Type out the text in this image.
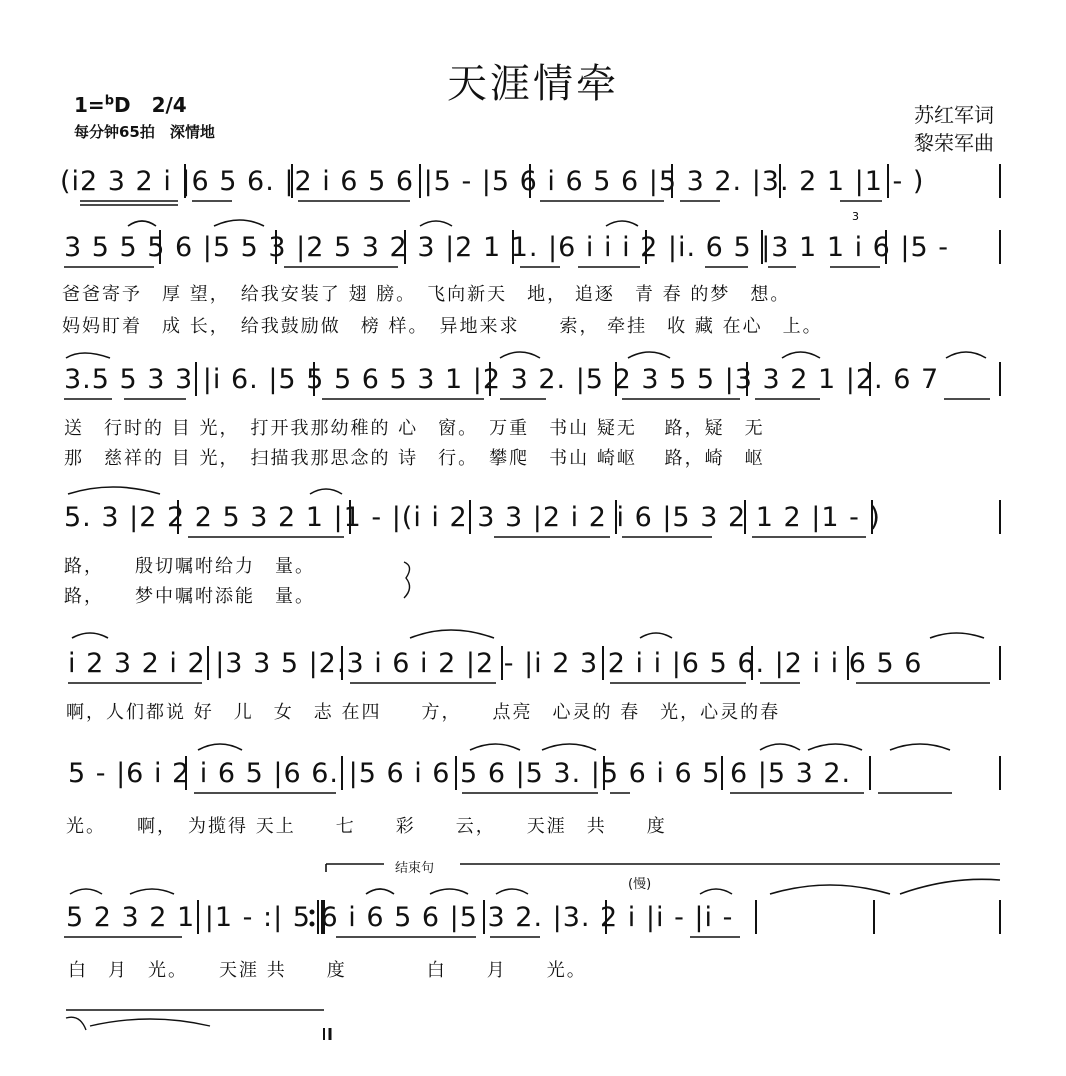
3
天涯情牵
1=$^b$D 2/4
每分钟65拍　深情地
苏红军词
黎荣军曲
(i2 3 2 i |6 5 6. |2 i 6 5 6 |5 - |5 6 i 6 5 6 |5 3 2. |3. 2 1 |1 - )
3 5 5 5 6 |5 5 3 |2 5 3 2 3 |2 1 1. |6 i i i 2 |i. 6 5 |3 1 1 i 6 |5 -
爸爸寄予　厚 望，　给我安装了 翅 膀。　飞向新天　地， 追逐　青 春 的梦　想。
妈妈盯着　成 长，　给我鼓励做　榜 样。　异地来求　　索， 牵挂　收 藏 在心　上。
3.5 5 3 3 |i 6. |5 5 5 6 5 3 1 |2 3 2. |5 2 3 5 5 |3 3 2 1 |2. 6 7
送　行时的 目 光，　打开我那幼稚的 心　窗。　万重　书山 疑无　 路，疑　无
那　慈祥的 目 光，　扫描我那思念的 诗　行。　攀爬　书山 崎岖　 路，崎　岖
5. 3 |2 2 2 5 3 2 1 |1 - |(i i 2 3 3 |2 i 2 i 6 |5 3 2 1 2 |1 - )
路，　　殷切嘱咐给力　量。
路，　　梦中嘱咐添能　量。
i 2 3 2 i 2 |3 3 5 |2.3 i 6 i 2 |2 - |i 2 3 2 i i |6 5 6. |2 i i 6 5 6
啊，人们都说 好　儿　女　志 在四　　方，　　点亮　心灵的 春　光，心灵的春
5 - |6 i 2 i 6 5 |6 6. |5 6 i 6 5 6 |5 3. |5 6 i 6 5 6 |5 3 2.
光。　　啊，　为揽得 天上　　七　　彩　　云，　　天涯　共　　度
结束句
(慢)
5 2 3 2 1 |1 - :| 5 6 i 6 5 6 |5 3 2. |3. 2 i |i - |i -
白　月　光。　　天涯 共　　度　　　　白　　月　　光。
